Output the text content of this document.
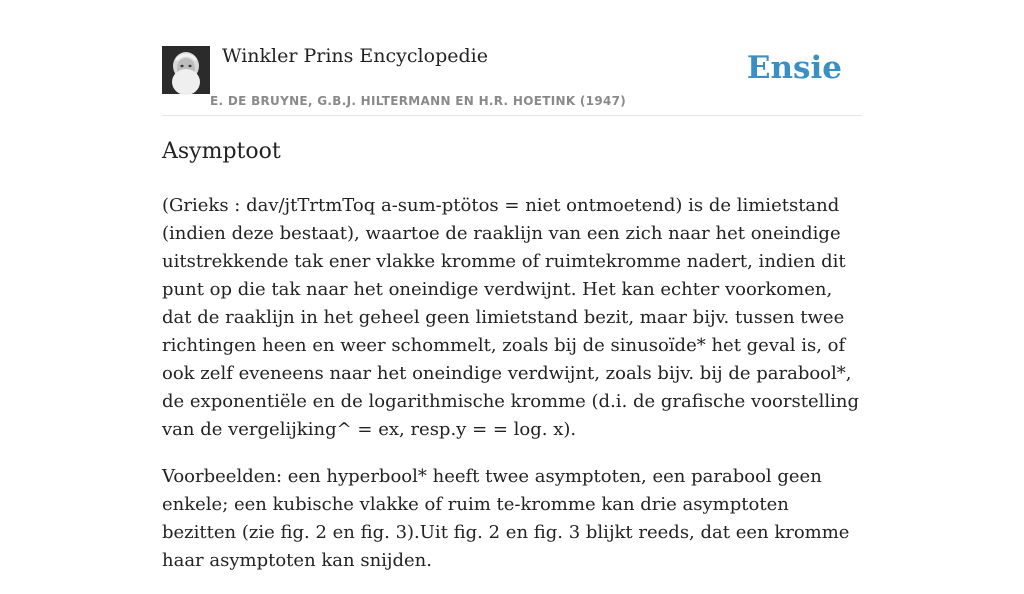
Winkler Prins Encyclopedie
E. DE BRUYNE, G.B.J. HILTERMANN EN H.R. HOETINK (1947)
Ensie
Asymptoot

(Grieks : dav/jtTrtmToq a-sum-ptötos = niet ontmoetend) is de limietstand (indien deze bestaat), waartoe de raaklijn van een zich naar het oneindige uitstrekkende tak ener vlakke kromme of ruimtekromme nadert, indien dit punt op die tak naar het oneindige verdwijnt. Het kan echter voorkomen, dat de raaklijn in het geheel geen limietstand bezit, maar bijv. tussen twee richtingen heen en weer schommelt, zoals bij de sinusoïde* het geval is, of ook zelf eveneens naar het oneindige verdwijnt, zoals bijv. bij de parabool*, de exponentiële en de logarithmische kromme (d.i. de grafische voorstelling van de vergelijking^ = ex, resp.y = = log. x).

Voorbeelden: een hyperbool* heeft twee asymptoten, een parabool geen enkele; een kubische vlakke of ruim te-kromme kan drie asymptoten bezitten (zie fig. 2 en fig. 3).Uit fig. 2 en fig. 3 blijkt reeds, dat een kromme haar asymptoten kan snijden.
